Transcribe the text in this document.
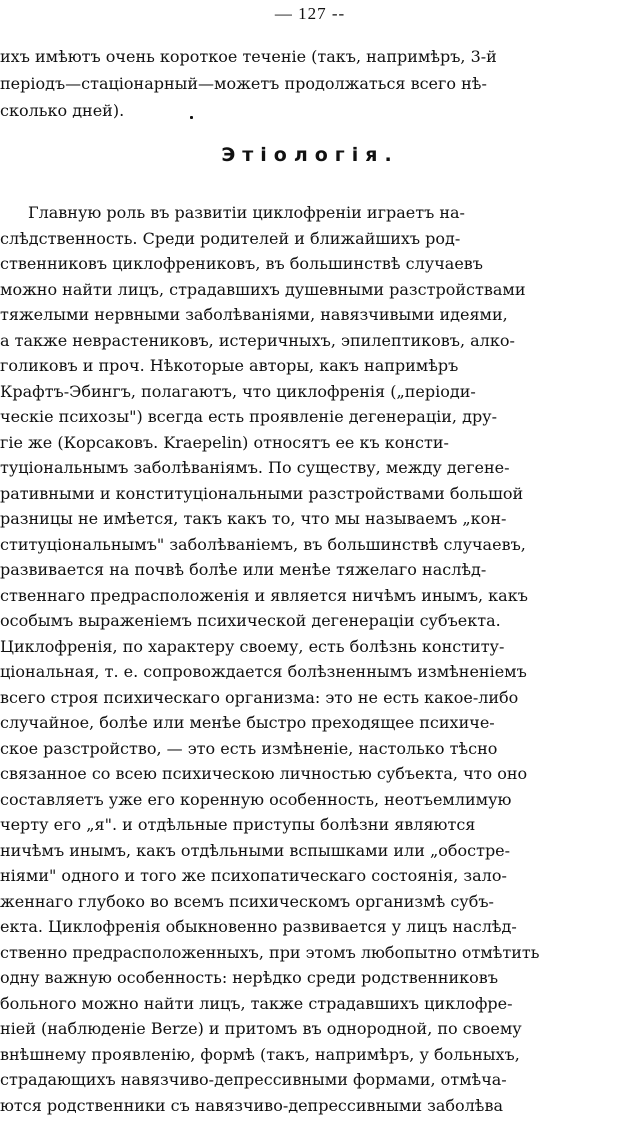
— 127 --
ихъ имѣютъ очень короткое теченіе (такъ, напримѣръ, 3-й
періодъ—стаціонарный—можетъ продолжаться всего нѣ-
сколько дней).
Этіологія.
Главную роль въ развитіи циклофреніи играетъ на-
слѣдственность. Среди родителей и ближайшихъ род-
ственниковъ циклофрениковъ, въ большинствѣ случаевъ
можно найти лицъ, страдавшихъ душевными разстройствами
тяжелыми нервными заболѣваніями, навязчивыми идеями,
а также неврастениковъ, истеричныхъ, эпилептиковъ, алко-
голиковъ и проч. Нѣкоторые авторы, какъ напримѣръ
Крафтъ-Эбингъ, полагаютъ, что циклофренія („періоди-
ческіе психозы") всегда есть проявленіе дегенераціи, дру-
гіе же (Корсаковъ. Kraepelin) относятъ ее къ консти-
туціональнымъ заболѣваніямъ. По существу, между дегене-
ративными и конституціональными разстройствами большой
разницы не имѣется, такъ какъ то, что мы называемъ „кон-
ституціональнымъ" заболѣваніемъ, въ большинствѣ случаевъ,
развивается на почвѣ болѣе или менѣе тяжелаго наслѣд-
ственнаго предрасположенія и является ничѣмъ инымъ, какъ
особымъ выраженіемъ психической дегенераціи субъекта.
Циклофренія, по характеру своему, есть болѣзнь конститу-
ціональная, т. е. сопровождается болѣзненнымъ измѣненіемъ
всего строя психическаго организма: это не есть какое-либо
случайное, болѣе или менѣе быстро преходящее психиче-
ское разстройство, — это есть измѣненіе, настолько тѣсно
связанное со всею психическою личностью субъекта, что оно
составляетъ уже его коренную особенность, неотъемлимую
черту его „я". и отдѣльные приступы болѣзни являются
ничѣмъ инымъ, какъ отдѣльными вспышками или „обостре-
ніями" одного и того же психопатическаго состоянія, зало-
женнаго глубоко во всемъ психическомъ организмѣ субъ-
екта. Циклофренія обыкновенно развивается у лицъ наслѣд-
ственно предрасположенныхъ, при этомъ любопытно отмѣтить
одну важную особенность: нерѣдко среди родственниковъ
больного можно найти лицъ, также страдавшихъ циклофре-
ніей (наблюденіе Berze) и притомъ въ однородной, по своему
внѣшнему проявленію, формѣ (такъ, напримѣръ, у больныхъ,
страдающихъ навязчиво-депрессивными формами, отмѣча-
ются родственники съ навязчиво-депрессивными заболѣва
